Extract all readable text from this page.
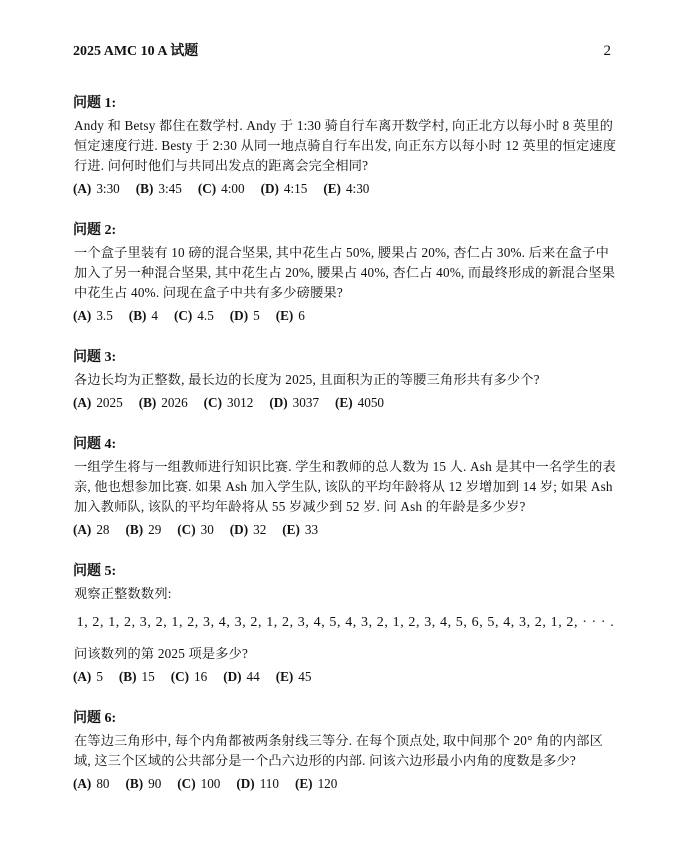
2025 AMC 10 A 试题	2
问题 1:
Andy 和 Betsy 都住在数学村. Andy 于 1:30 骑自行车离开数学村, 向正北方以每小时 8 英里的恒定速度行进. Besty 于 2:30 从同一地点骑自行车出发, 向正东方以每小时 12 英里的恒定速度行进. 问何时他们与共同出发点的距离会完全相同?
(A) 3:30 (B) 3:45 (C) 4:00 (D) 4:15 (E) 4:30
问题 2:
一个盒子里装有 10 磅的混合坚果, 其中花生占 50%, 腰果占 20%, 杏仁占 30%. 后来在盒子中加入了另一种混合坚果, 其中花生占 20%, 腰果占 40%, 杏仁占 40%, 而最终形成的新混合坚果中花生占 40%. 问现在盒子中共有多少磅腰果?
(A) 3.5 (B) 4 (C) 4.5 (D) 5 (E) 6
问题 3:
各边长均为正整数, 最长边的长度为 2025, 且面积为正的等腰三角形共有多少个?
(A) 2025 (B) 2026 (C) 3012 (D) 3037 (E) 4050
问题 4:
一组学生将与一组教师进行知识比赛. 学生和教师的总人数为 15 人. Ash 是其中一名学生的表亲, 他也想参加比赛. 如果 Ash 加入学生队, 该队的平均年龄将从 12 岁增加到 14 岁; 如果 Ash 加入教师队, 该队的平均年龄将从 55 岁减少到 52 岁. 问 Ash 的年龄是多少岁?
(A) 28 (B) 29 (C) 30 (D) 32 (E) 33
问题 5:
观察正整数数列:
1, 2, 1, 2, 3, 2, 1, 2, 3, 4, 3, 2, 1, 2, 3, 4, 5, 4, 3, 2, 1, 2, 3, 4, 5, 6, 5, 4, 3, 2, 1, 2, · · · .
问该数列的第 2025 项是多少?
(A) 5 (B) 15 (C) 16 (D) 44 (E) 45
问题 6:
在等边三角形中, 每个内角都被两条射线三等分. 在每个顶点处, 取中间那个 20° 角的内部区域, 这三个区域的公共部分是一个凸六边形的内部. 问该六边形最小内角的度数是多少?
(A) 80 (B) 90 (C) 100 (D) 110 (E) 120
